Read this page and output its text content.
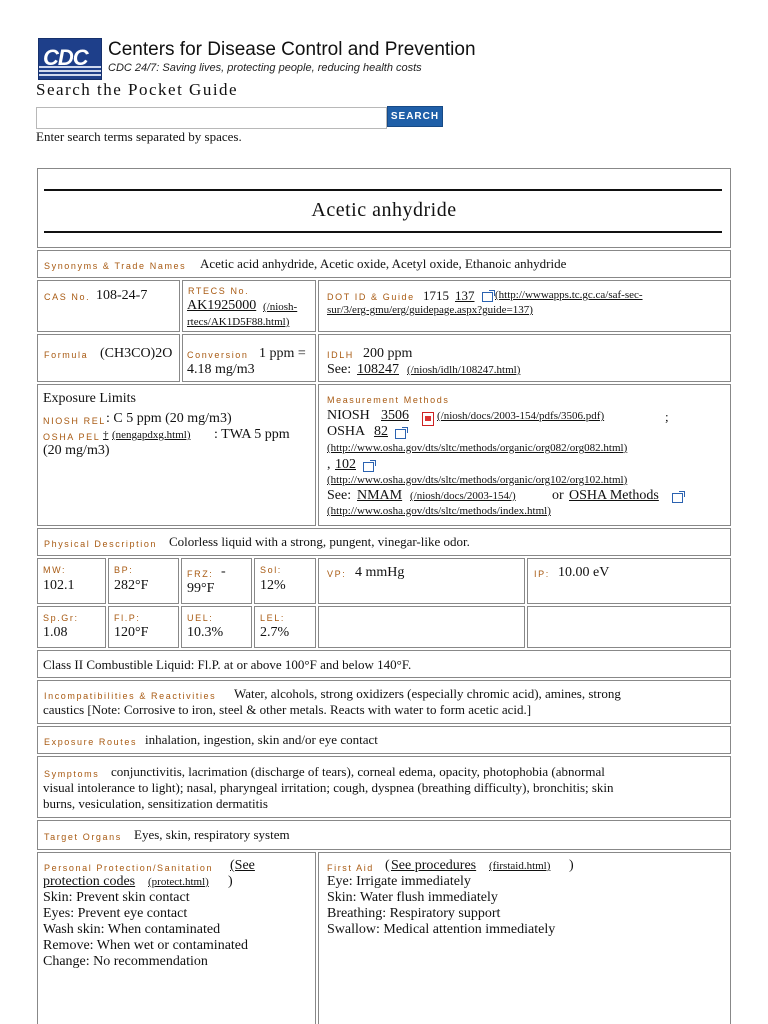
CDC Centers for Disease Control and Prevention
CDC 24/7: Saving lives, protecting people, reducing health costs
Search the Pocket Guide
SEARCH
Enter search terms separated by spaces.
Acetic anhydride
Synonyms & Trade Names Acetic acid anhydride, Acetic oxide, Acetyl oxide, Ethanoic anhydride
CAS No. 108-24-7	RTECS No.
AK1925000 (/niosh-
rtecs/AK1D5F88.html)
DOT ID & Guide 1715 137 (http://wwwapps.tc.gc.ca/saf-sec-
sur/3/erg-gmu/erg/guidepage.aspx?guide=137)
Formula (CH3CO)2O Conversion 1 ppm =
4.18 mg/m3
IDLH 200 ppm
See: 108247 (/niosh/idlh/108247.html)
Exposure Limits
NIOSH REL : C 5 ppm (20 mg/m3)
OSHA PEL † (nengapdxg.html) : TWA 5 ppm
(20 mg/m3)
Measurement Methods
NIOSH 3506	(/niosh/docs/2003-154/pdfs/3506.pdf)	;
OSHA 82
(http://www.osha.gov/dts/sltc/methods/organic/org082/org082.html)
, 102
(http://www.osha.gov/dts/sltc/methods/organic/org102/org102.html)
See: NMAM (/niosh/docs/2003-154/)	or OSHA Methods
(http://www.osha.gov/dts/sltc/methods/index.html)
Physical Description Colorless liquid with a strong, pungent, vinegar-like odor.
MW:
102.1
BP:
282°F
FRZ: -
99°F
Sol:
12%
VP: 4 mmHg	IP: 10.00 eV
Sp.Gr:
1.08
Fl.P:
120°F
UEL:
10.3%
LEL:
2.7%
Class II Combustible Liquid: Fl.P. at or above 100°F and below 140°F.
Incompatibilities & Reactivities Water, alcohols, strong oxidizers (especially chromic acid), amines, strong
caustics [Note: Corrosive to iron, steel & other metals. Reacts with water to form acetic acid.]
Exposure Routes inhalation, ingestion, skin and/or eye contact
Symptoms conjunctivitis, lacrimation (discharge of tears), corneal edema, opacity, photophobia (abnormal
visual intolerance to light); nasal, pharyngeal irritation; cough, dyspnea (breathing difficulty), bronchitis; skin
burns, vesiculation, sensitization dermatitis
Target Organs Eyes, skin, respiratory system
Personal Protection/Sanitation (See
protection codes (protect.html) )
Skin: Prevent skin contact
Eyes: Prevent eye contact
Wash skin: When contaminated
Remove: When wet or contaminated
Change: No recommendation
First Aid ( See procedures (firstaid.html) )
Eye: Irrigate immediately
Skin: Water flush immediately
Breathing: Respiratory support
Swallow: Medical attention immediately
